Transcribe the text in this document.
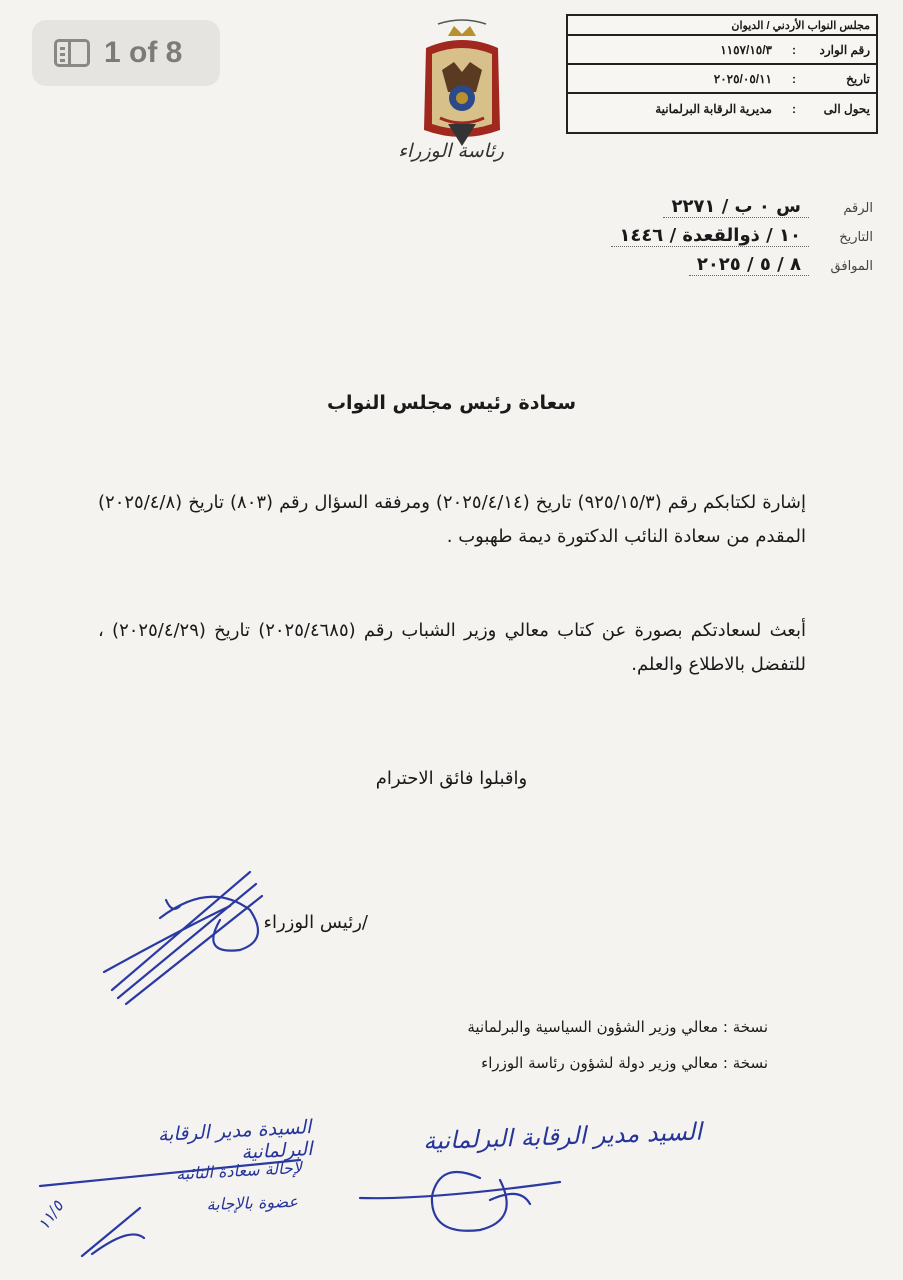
1 of 8
رئاسة الوزراء
مجلس النواب الأردني / الديوان
رقم الوارد
:
١١٥٧/١٥/٣
تاريخ
:
٢٠٢٥/٠٥/١١
يحول الى
:
مديرية الرقابة البرلمانية
الرقم
س ٠ ب / ٢٢٧١
التاريخ
١٠ / ذوالقعدة / ١٤٤٦
الموافق
٨ / ٥ / ٢٠٢٥
سعادة رئيس مجلس النواب
إشارة لكتابكم رقم (٩٢٥/١٥/٣) تاريخ (٢٠٢٥/٤/١٤) ومرفقه السؤال رقم (٨٠٣) تاريخ (٢٠٢٥/٤/٨) المقدم من سعادة النائب الدكتورة ديمة طهبوب .
أبعث لسعادتكم بصورة عن كتاب معالي وزير الشباب رقم (٢٠٢٥/٤٦٨٥) تاريخ (٢٠٢٥/٤/٢٩) ، للتفضل بالاطلاع والعلم.
واقبلوا فائق الاحترام
/رئيس الوزراء
نسخة : معالي وزير الشؤون السياسية والبرلمانية
نسخة : معالي وزير دولة لشؤون رئاسة الوزراء
السيدة مدير الرقابة البرلمانية
لإحالة سعادة النائبة
عضوة بالإجابة
١١/٥
السيد مدير الرقابة البرلمانية
